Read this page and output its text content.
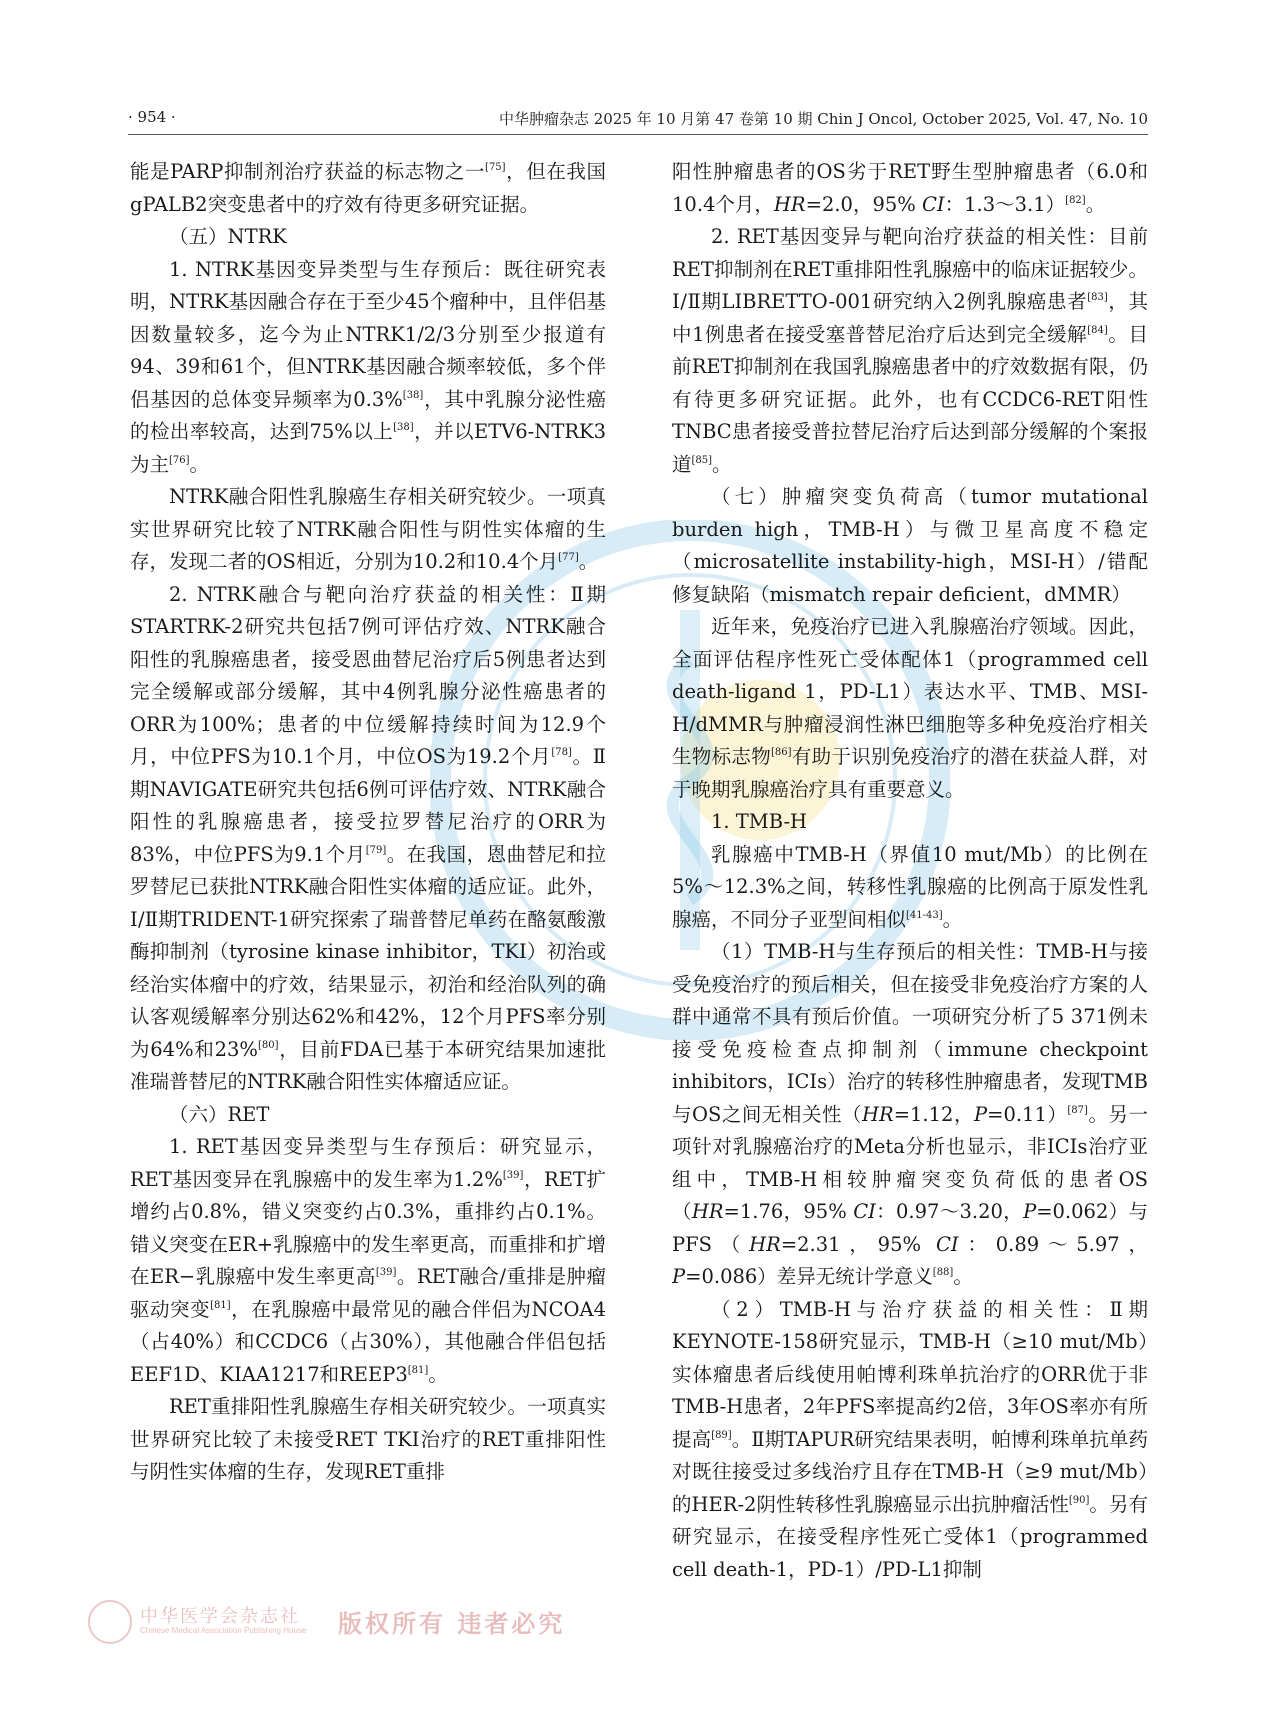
· 954 ·	中华肿瘤杂志 2025 年 10 月第 47 卷第 10 期 Chin J Oncol, October 2025, Vol. 47, No. 10

能是PARP抑制剂治疗获益的标志物之一[75]，但在我国gPALB2突变患者中的疗效有待更多研究证据。

（五）NTRK

1. NTRK基因变异类型与生存预后：既往研究表明，NTRK基因融合存在于至少45个瘤种中，且伴侣基因数量较多，迄今为止NTRK1/2/3分别至少报道有94、39和61个，但NTRK基因融合频率较低，多个伴侣基因的总体变异频率为0.3%[38]，其中乳腺分泌性癌的检出率较高，达到75%以上[38]，并以ETV6-NTRK3为主[76]。

NTRK融合阳性乳腺癌生存相关研究较少。一项真实世界研究比较了NTRK融合阳性与阴性实体瘤的生存，发现二者的OS相近，分别为10.2和10.4个月[77]。

2. NTRK融合与靶向治疗获益的相关性：Ⅱ期STARTRK-2研究共包括7例可评估疗效、NTRK融合阳性的乳腺癌患者，接受恩曲替尼治疗后5例患者达到完全缓解或部分缓解，其中4例乳腺分泌性癌患者的ORR为100%；患者的中位缓解持续时间为12.9个月，中位PFS为10.1个月，中位OS为19.2个月[78]。Ⅱ期NAVIGATE研究共包括6例可评估疗效、NTRK融合阳性的乳腺癌患者，接受拉罗替尼治疗的ORR为83%，中位PFS为9.1个月[79]。在我国，恩曲替尼和拉罗替尼已获批NTRK融合阳性实体瘤的适应证。此外，Ⅰ/Ⅱ期TRIDENT-1研究探索了瑞普替尼单药在酪氨酸激酶抑制剂（tyrosine kinase inhibitor，TKI）初治或经治实体瘤中的疗效，结果显示，初治和经治队列的确认客观缓解率分别达62%和42%，12个月PFS率分别为64%和23%[80]，目前FDA已基于本研究结果加速批准瑞普替尼的NTRK融合阳性实体瘤适应证。

（六）RET

1. RET基因变异类型与生存预后：研究显示，RET基因变异在乳腺癌中的发生率为1.2%[39]，RET扩增约占0.8%，错义突变约占0.3%，重排约占0.1%。错义突变在ER+乳腺癌中的发生率更高，而重排和扩增在ER−乳腺癌中发生率更高[39]。RET融合/重排是肿瘤驱动突变[81]，在乳腺癌中最常见的融合伴侣为NCOA4（占40%）和CCDC6（占30%），其他融合伴侣包括EEF1D、KIAA1217和REEP3[81]。

RET重排阳性乳腺癌生存相关研究较少。一项真实世界研究比较了未接受RET TKI治疗的RET重排阳性与阴性实体瘤的生存，发现RET重排

阳性肿瘤患者的OS劣于RET野生型肿瘤患者（6.0和10.4个月，HR=2.0，95% CI：1.3～3.1）[82]。

2. RET基因变异与靶向治疗获益的相关性：目前RET抑制剂在RET重排阳性乳腺癌中的临床证据较少。Ⅰ/Ⅱ期LIBRETTO-001研究纳入2例乳腺癌患者[83]，其中1例患者在接受塞普替尼治疗后达到完全缓解[84]。目前RET抑制剂在我国乳腺癌患者中的疗效数据有限，仍有待更多研究证据。此外，也有CCDC6-RET阳性TNBC患者接受普拉替尼治疗后达到部分缓解的个案报道[85]。

（七）肿瘤突变负荷高（tumor mutational burden high，TMB-H）与微卫星高度不稳定（microsatellite instability-high，MSI-H）/错配修复缺陷（mismatch repair deficient，dMMR）

近年来，免疫治疗已进入乳腺癌治疗领域。因此，全面评估程序性死亡受体配体1（programmed cell death-ligand 1，PD-L1）表达水平、TMB、MSI-H/dMMR与肿瘤浸润性淋巴细胞等多种免疫治疗相关生物标志物[86]有助于识别免疫治疗的潜在获益人群，对于晚期乳腺癌治疗具有重要意义。

1. TMB-H

乳腺癌中TMB-H（界值10 mut/Mb）的比例在5%～12.3%之间，转移性乳腺癌的比例高于原发性乳腺癌，不同分子亚型间相似[41-43]。

（1）TMB-H与生存预后的相关性：TMB-H与接受免疫治疗的预后相关，但在接受非免疫治疗方案的人群中通常不具有预后价值。一项研究分析了5 371例未接受免疫检查点抑制剂（immune checkpoint inhibitors，ICIs）治疗的转移性肿瘤患者，发现TMB与OS之间无相关性（HR=1.12，P=0.11）[87]。另一项针对乳腺癌治疗的Meta分析也显示，非ICIs治疗亚组中，TMB-H相较肿瘤突变负荷低的患者OS（HR=1.76，95% CI：0.97～3.20，P=0.062）与PFS（HR=2.31，95% CI：0.89～5.97，P=0.086）差异无统计学意义[88]。

（2）TMB-H与治疗获益的相关性：Ⅱ期KEYNOTE-158研究显示，TMB-H（≥10 mut/Mb）实体瘤患者后线使用帕博利珠单抗治疗的ORR优于非TMB-H患者，2年PFS率提高约2倍，3年OS率亦有所提高[89]。Ⅱ期TAPUR研究结果表明，帕博利珠单抗单药对既往接受过多线治疗且存在TMB-H（≥9 mut/Mb）的HER-2阴性转移性乳腺癌显示出抗肿瘤活性[90]。另有研究显示，在接受程序性死亡受体1（programmed cell death-1，PD-1）/PD-L1抑制

中华医学会杂志社
Chinese Medical Association Publishing House 版权所有 违者必究
